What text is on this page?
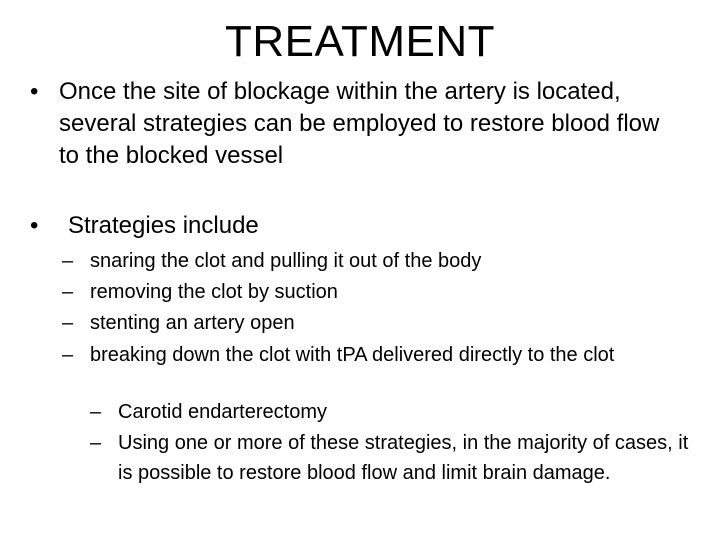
TREATMENT
• Once the site of blockage within the artery is located, several strategies can be employed to restore blood flow to the blocked vessel
• Strategies include
– snaring the clot and pulling it out of the body
– removing the clot by suction
– stenting an artery open
– breaking down the clot with tPA delivered directly to the clot
– Carotid endarterectomy
– Using one or more of these strategies, in the majority of cases, it is possible to restore blood flow and limit brain damage.
